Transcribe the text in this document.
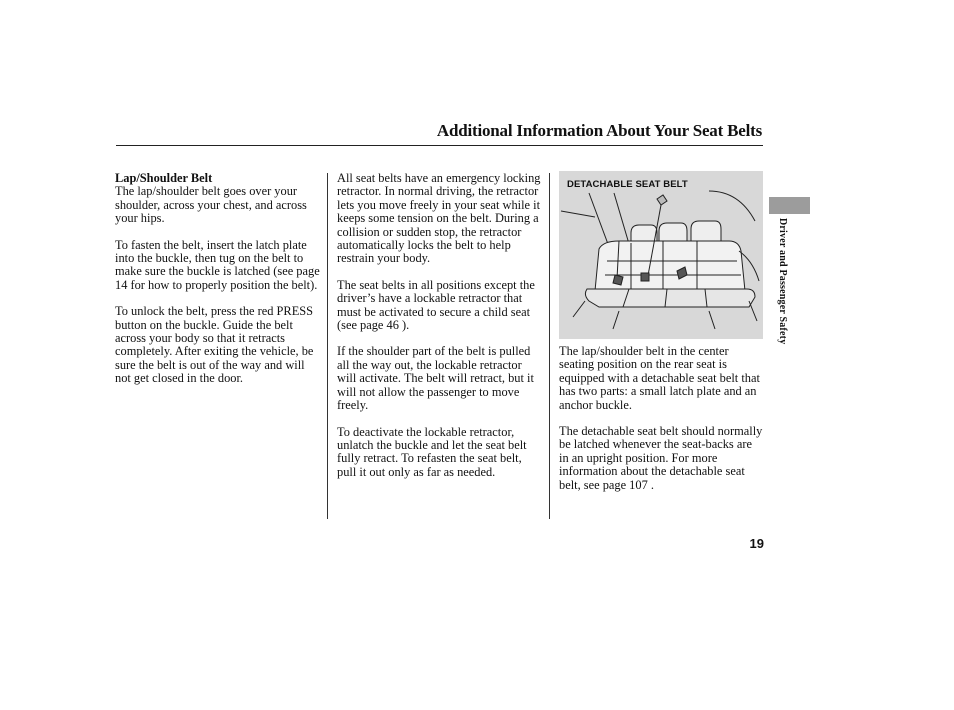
Additional Information About Your Seat Belts
Lap/Shoulder Belt

The lap/shoulder belt goes over your shoulder, across your chest, and across your hips.

To fasten the belt, insert the latch plate into the buckle, then tug on the belt to make sure the buckle is latched (see page 14 for how to properly position the belt).

To unlock the belt, press the red PRESS button on the buckle. Guide the belt across your body so that it retracts completely. After exiting the vehicle, be sure the belt is out of the way and will not get closed in the door.

All seat belts have an emergency locking retractor. In normal driving, the retractor lets you move freely in your seat while it keeps some tension on the belt. During a collision or sudden stop, the retractor automatically locks the belt to help restrain your body.

The seat belts in all positions except the driver’s have a lockable retractor that must be activated to secure a child seat (see page 46 ).

If the shoulder part of the belt is pulled all the way out, the lockable retractor will activate. The belt will retract, but it will not allow the passenger to move freely.

To deactivate the lockable retractor, unlatch the buckle and let the seat belt fully retract. To refasten the seat belt, pull it out only as far as needed.

DETACHABLE SEAT BELT

The lap/shoulder belt in the center seating position on the rear seat is equipped with a detachable seat belt that has two parts: a small latch plate and an anchor buckle.

The detachable seat belt should normally be latched whenever the seat-backs are in an upright position. For more information about the detachable seat belt, see page 107 .

Driver and Passenger Safety
19
